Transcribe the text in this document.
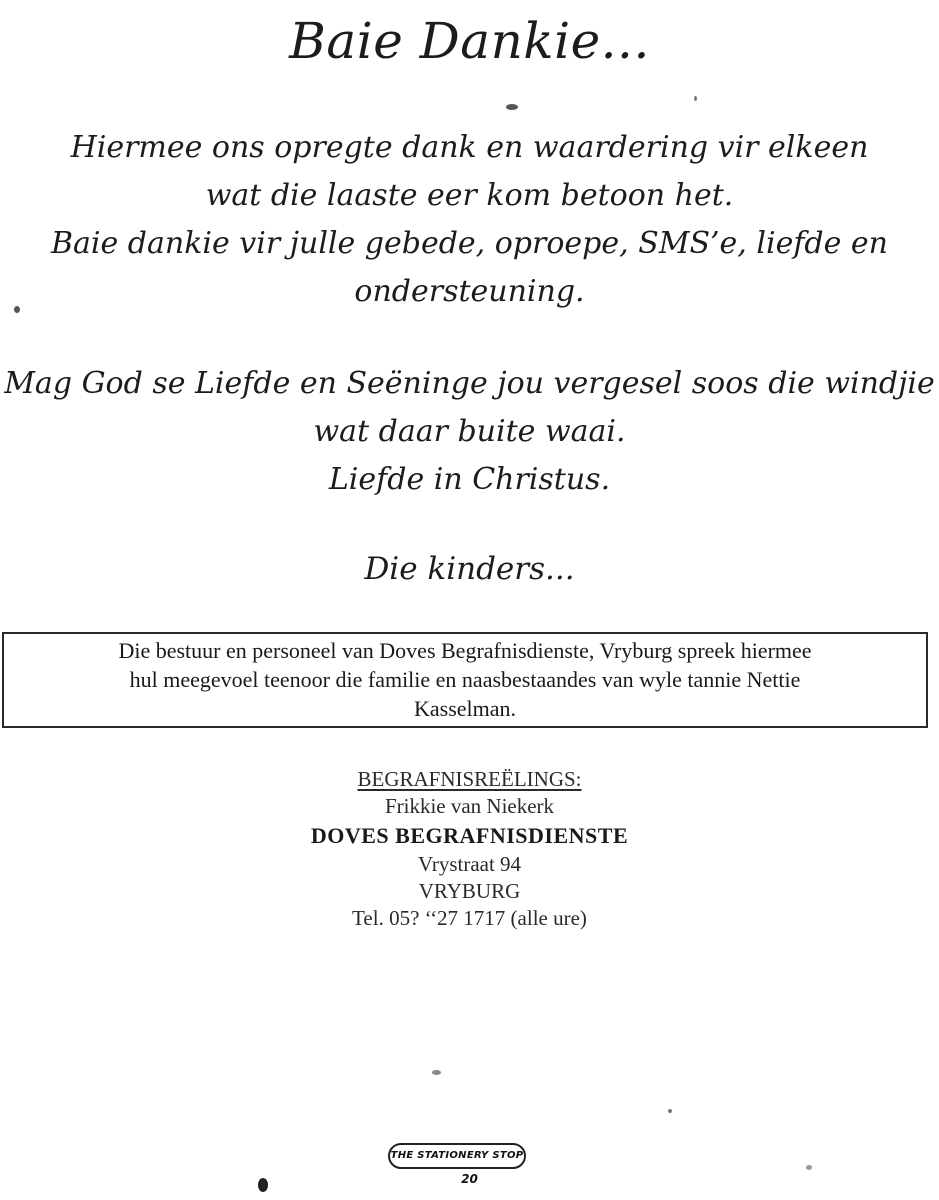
Baie Dankie...
Hiermee ons opregte dank en waardering vir elkeen
wat die laaste eer kom betoon het.
Baie dankie vir julle gebede, oproepe, SMS’e, liefde en
ondersteuning.
Mag God se Liefde en Seëninge jou vergesel soos die windjie
wat daar buite waai.
Liefde in Christus.
Die kinders...
Die bestuur en personeel van Doves Begrafnisdienste, Vryburg spreek hiermee
hul meegevoel teenoor die familie en naasbestaandes van wyle tannie Nettie
Kasselman.
BEGRAFNISREËLINGS:
Frikkie van Niekerk
DOVES BEGRAFNISDIENSTE
Vrystraat 94
VRYBURG
Tel. 05? ‘‘27 1717 (alle ure)
THE STATIONERY STOP
20
